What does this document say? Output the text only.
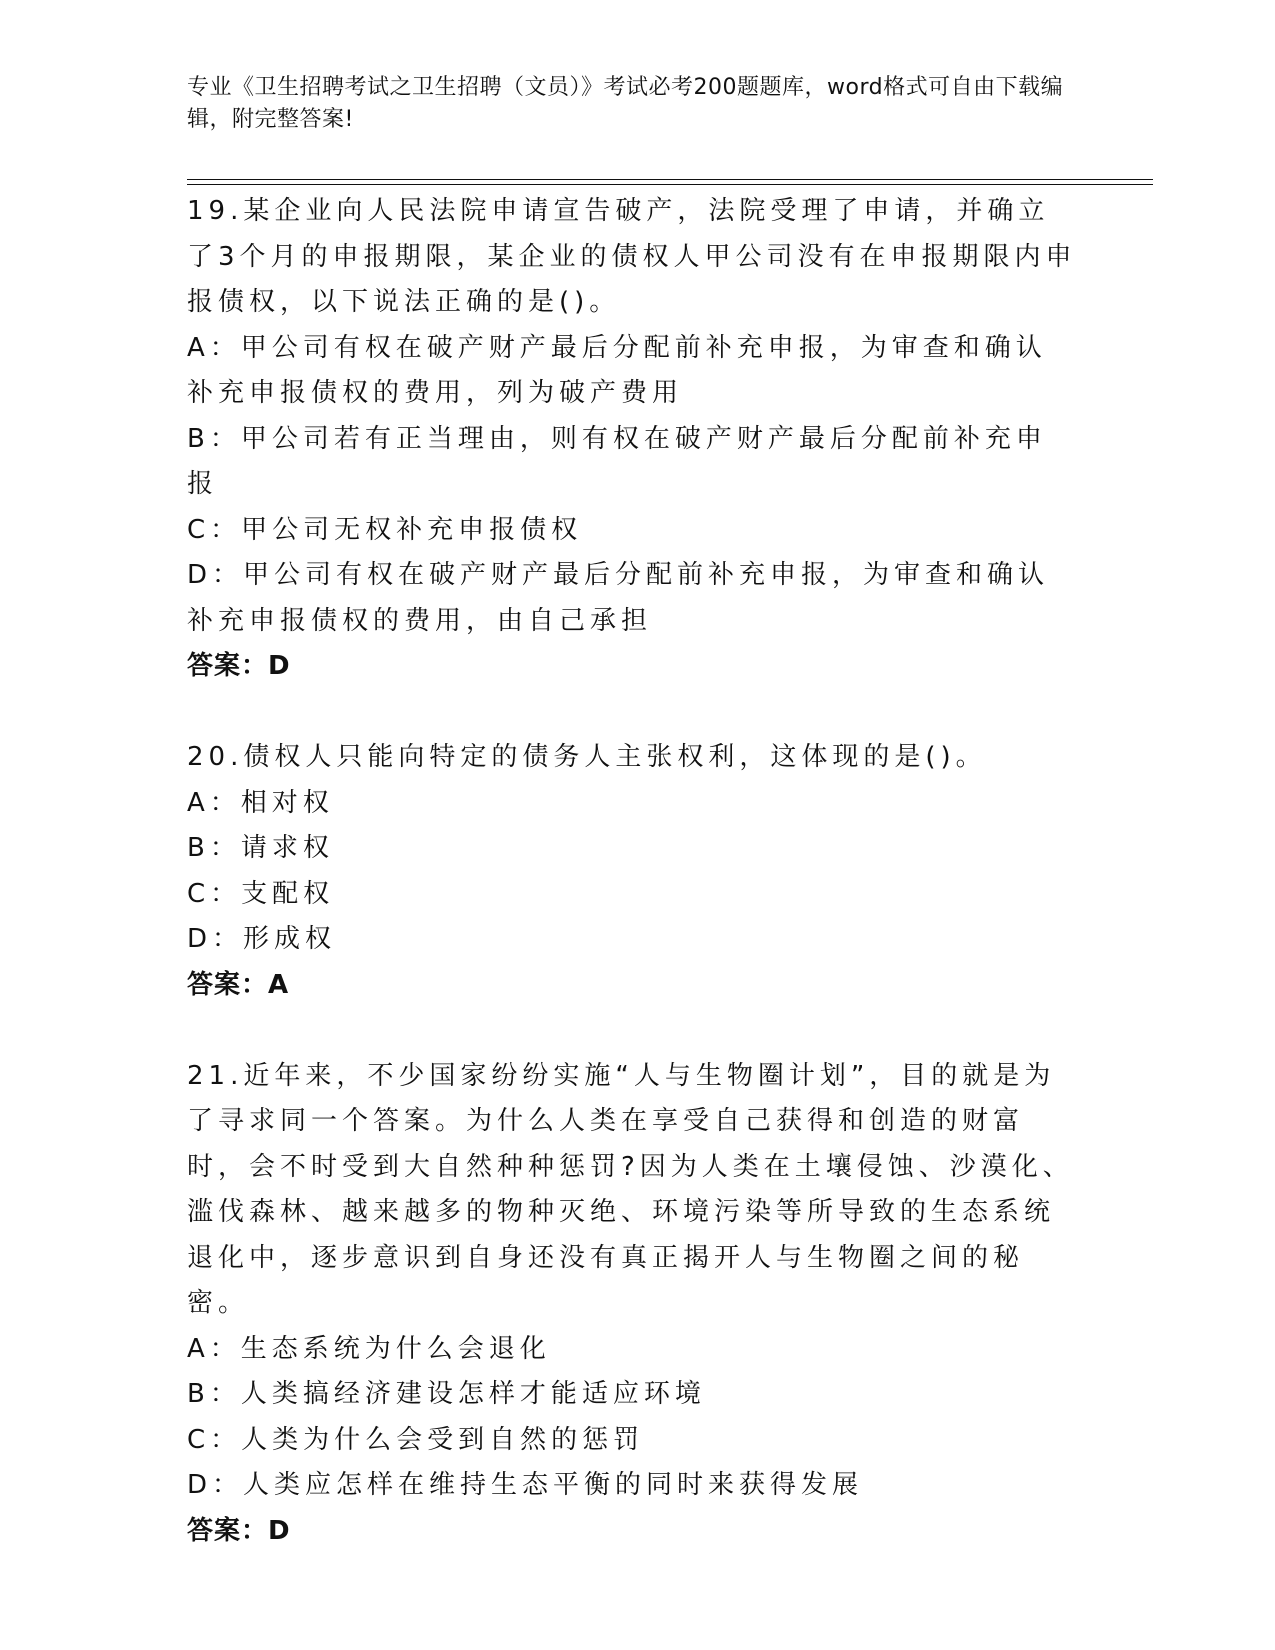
专业《卫生招聘考试之卫生招聘（文员）》考试必考200题题库，word格式可自由下载编辑，附完整答案!

19.某企业向人民法院申请宣告破产，法院受理了申请，并确立了3个月的申报期限，某企业的债权人甲公司没有在申报期限内申报债权，以下说法正确的是()。

A：甲公司有权在破产财产最后分配前补充申报，为审查和确认补充申报债权的费用，列为破产费用

B：甲公司若有正当理由，则有权在破产财产最后分配前补充申报

C：甲公司无权补充申报债权

D：甲公司有权在破产财产最后分配前补充申报，为审查和确认补充申报债权的费用，由自己承担

答案：D

20.债权人只能向特定的债务人主张权利，这体现的是()。

A：相对权

B：请求权

C：支配权

D：形成权

答案：A

21.近年来，不少国家纷纷实施“人与生物圈计划”，目的就是为了寻求同一个答案。为什么人类在享受自己获得和创造的财富时，会不时受到大自然种种惩罚?因为人类在土壤侵蚀、沙漠化、滥伐森林、越来越多的物种灭绝、环境污染等所导致的生态系统退化中，逐步意识到自身还没有真正揭开人与生物圈之间的秘密。

A：生态系统为什么会退化

B：人类搞经济建设怎样才能适应环境

C：人类为什么会受到自然的惩罚

D：人类应怎样在维持生态平衡的同时来获得发展

答案：D
